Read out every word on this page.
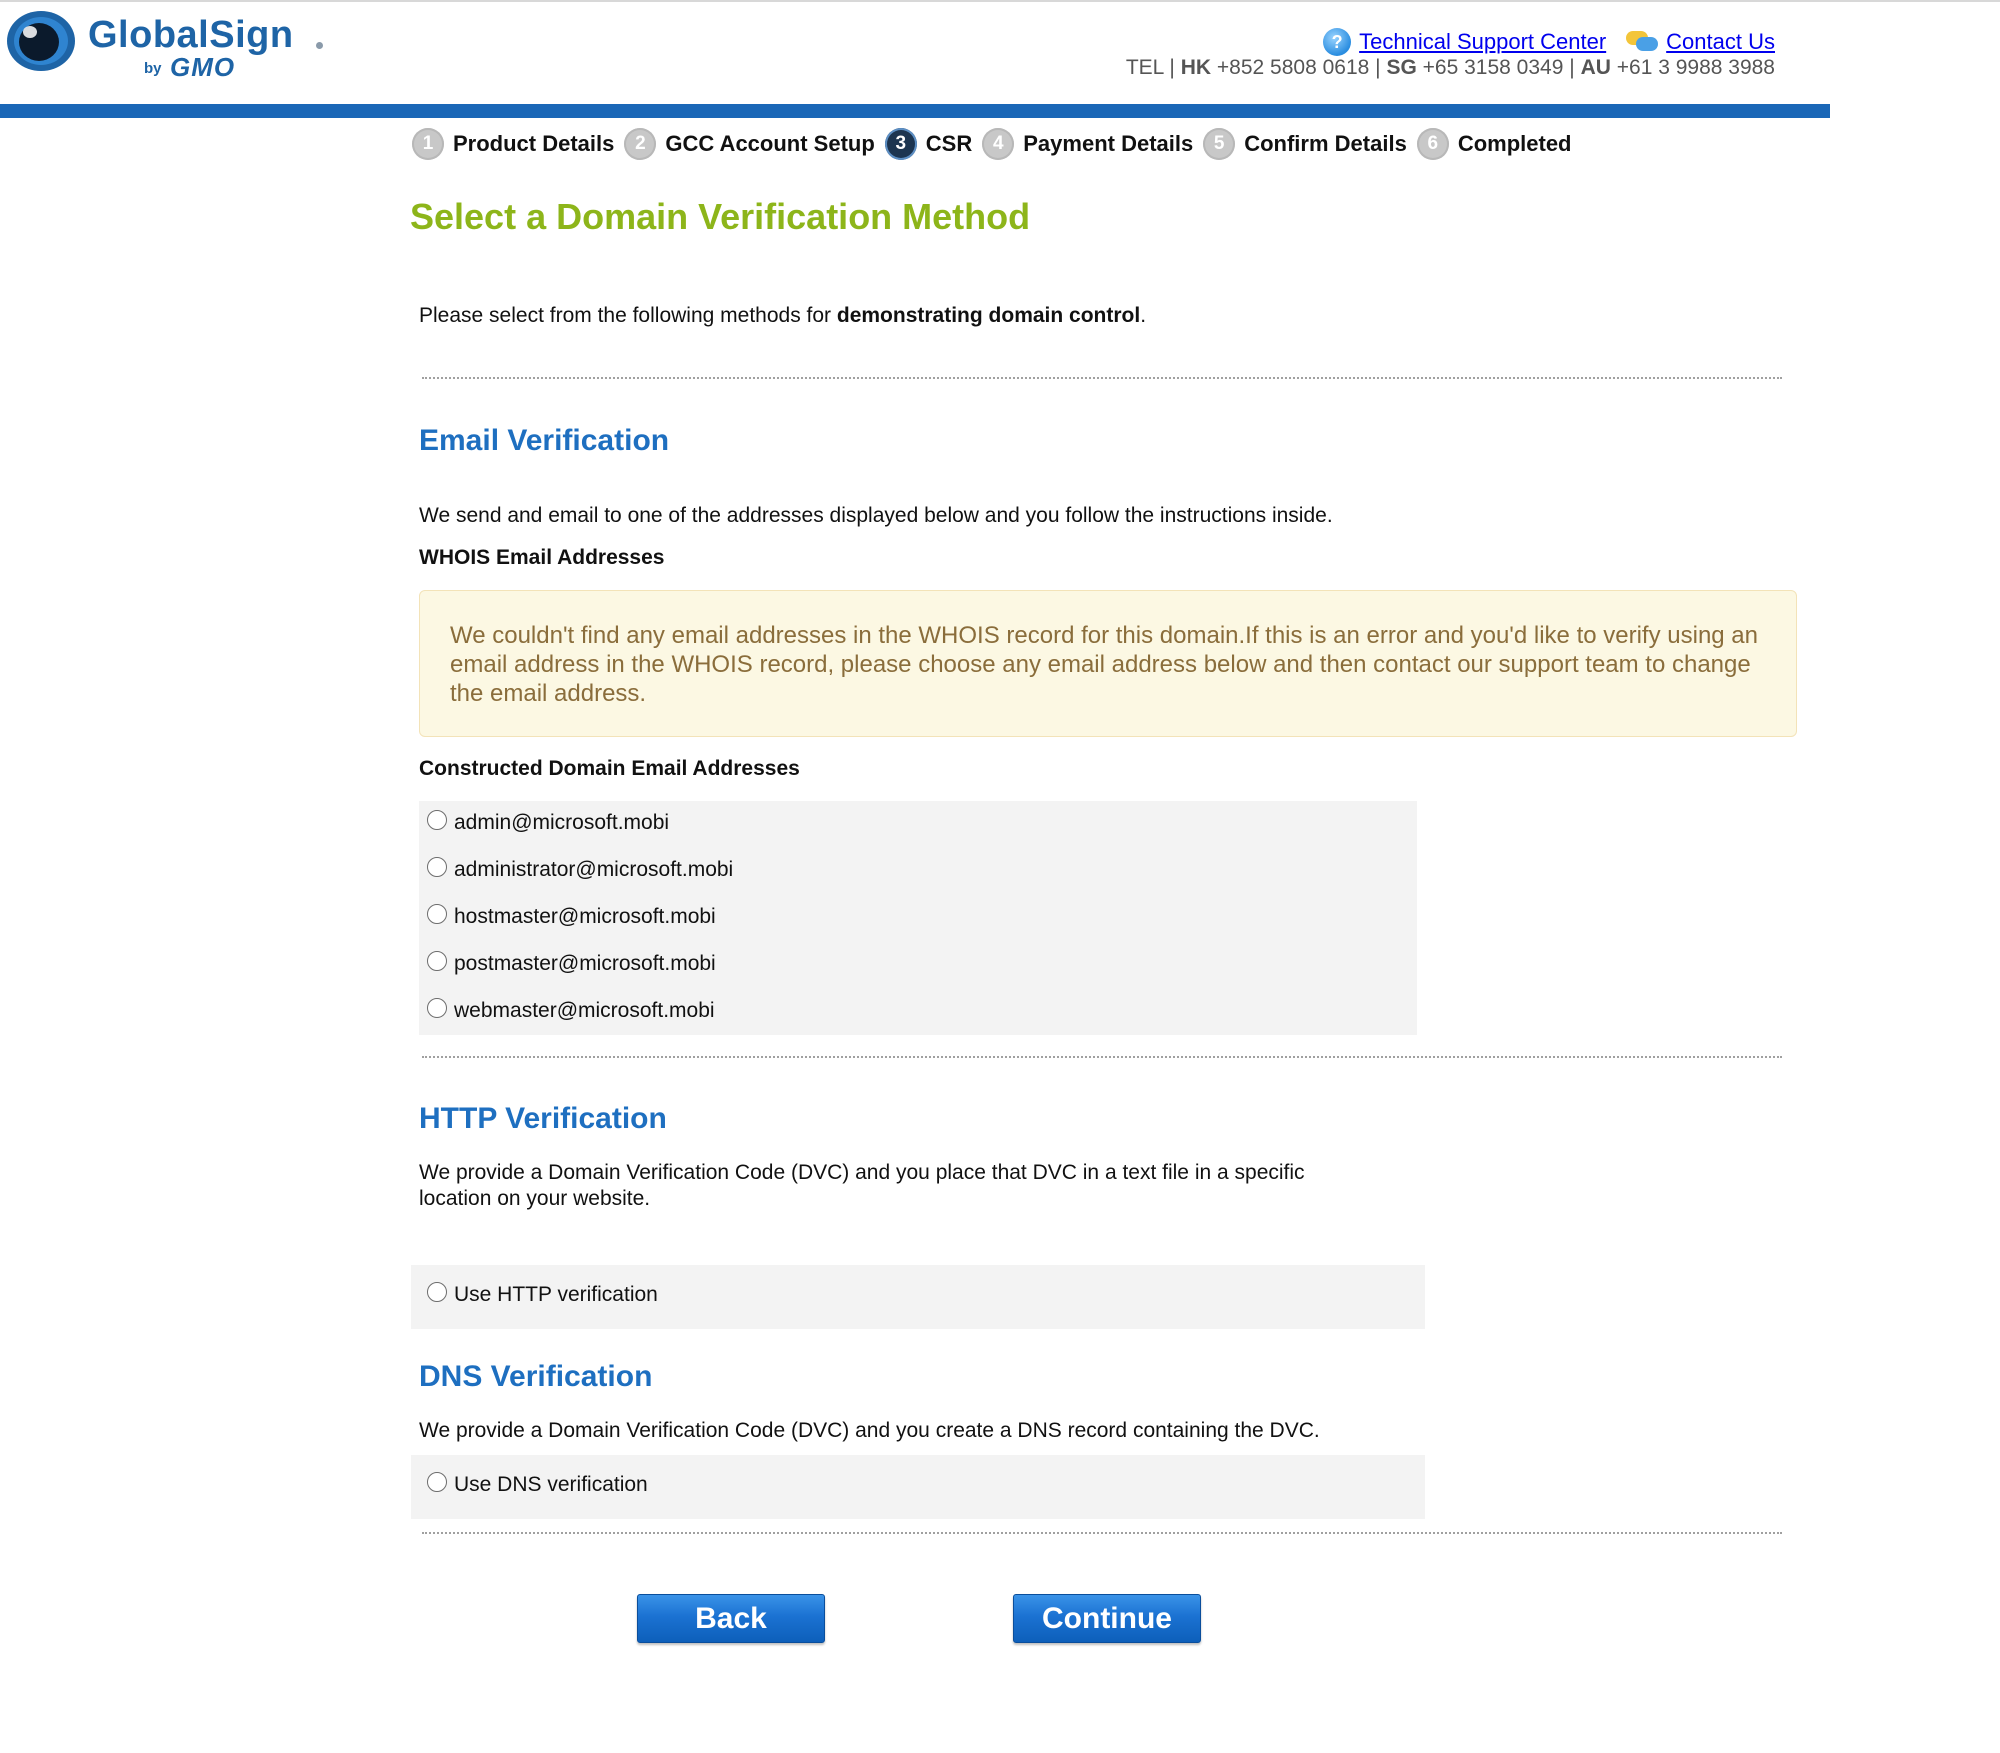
GlobalSign
by GMO
? Technical Support Center	Contact Us
TEL | HK +852 5808 0618 | SG +65 3158 0349 | AU +61 3 9988 3988
1 Product Details	2 GCC Account Setup	3 CSR	4 Payment Details	5 Confirm Details	6 Completed
Select a Domain Verification Method
Please select from the following methods for demonstrating domain control.
Email Verification
We send and email to one of the addresses displayed below and you follow the instructions inside.
WHOIS Email Addresses
We couldn't find any email addresses in the WHOIS record for this domain.If this is an error and you'd like to verify using an email address in the WHOIS record, please choose any email address below and then contact our support team to change the email address.
Constructed Domain Email Addresses
admin@microsoft.mobi
administrator@microsoft.mobi
hostmaster@microsoft.mobi
postmaster@microsoft.mobi
webmaster@microsoft.mobi
HTTP Verification
We provide a Domain Verification Code (DVC) and you place that DVC in a text file in a specific
location on your website.
Use HTTP verification
DNS Verification
We provide a Domain Verification Code (DVC) and you create a DNS record containing the DVC.
Use DNS verification
Back	Continue
